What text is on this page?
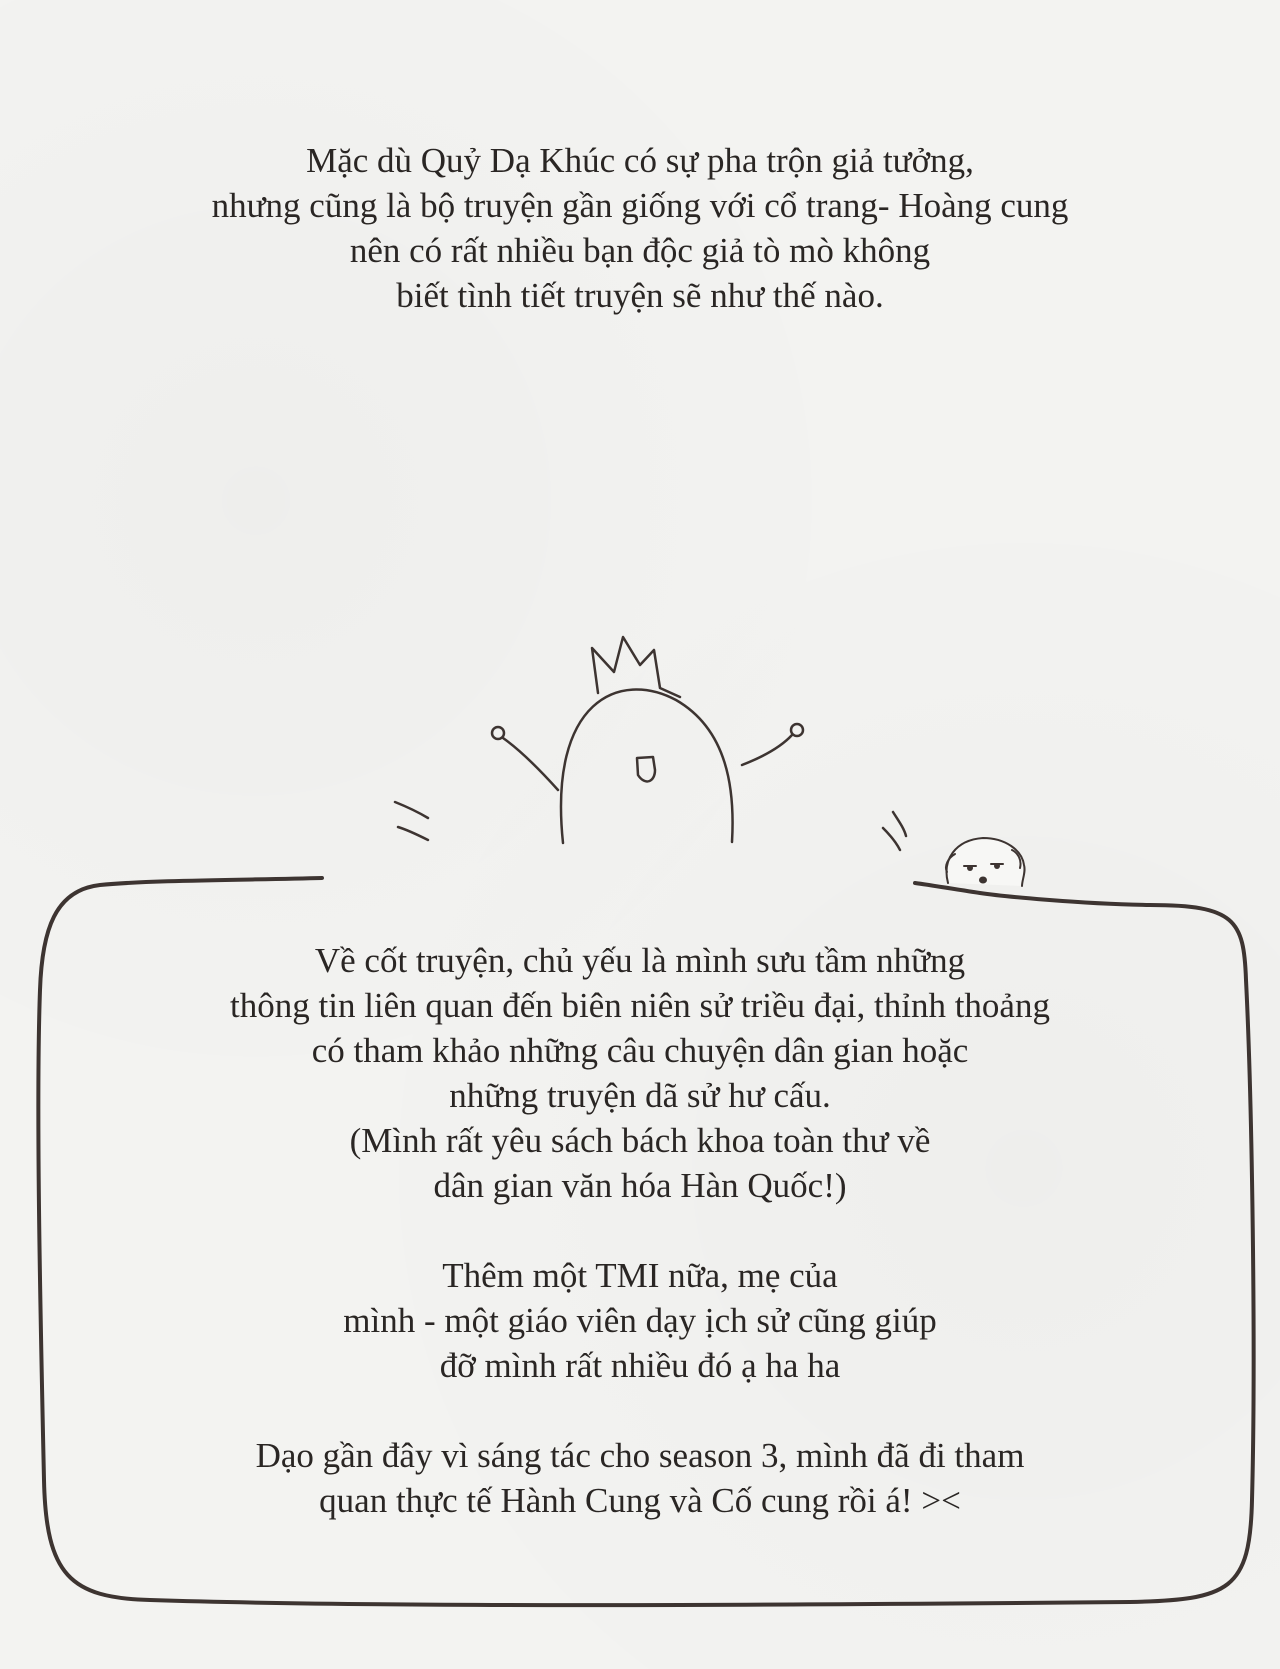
Mặc dù Quỷ Dạ Khúc có sự pha trộn giả tưởng,
nhưng cũng là bộ truyện gần giống với cổ trang- Hoàng cung
nên có rất nhiều bạn độc giả tò mò không
biết tình tiết truyện sẽ như thế nào.
Về cốt truyện, chủ yếu là mình sưu tầm những
thông tin liên quan đến biên niên sử triều đại, thỉnh thoảng
có tham khảo những câu chuyện dân gian hoặc
những truyện dã sử hư cấu.
(Mình rất yêu sách bách khoa toàn thư về
dân gian văn hóa Hàn Quốc!)
Thêm một TMI nữa, mẹ của
mình - một giáo viên dạy ịch sử cũng giúp
đỡ mình rất nhiều đó ạ ha ha
Dạo gần đây vì sáng tác cho season 3, mình đã đi tham
quan thực tế Hành Cung và Cố cung rồi á! ><
